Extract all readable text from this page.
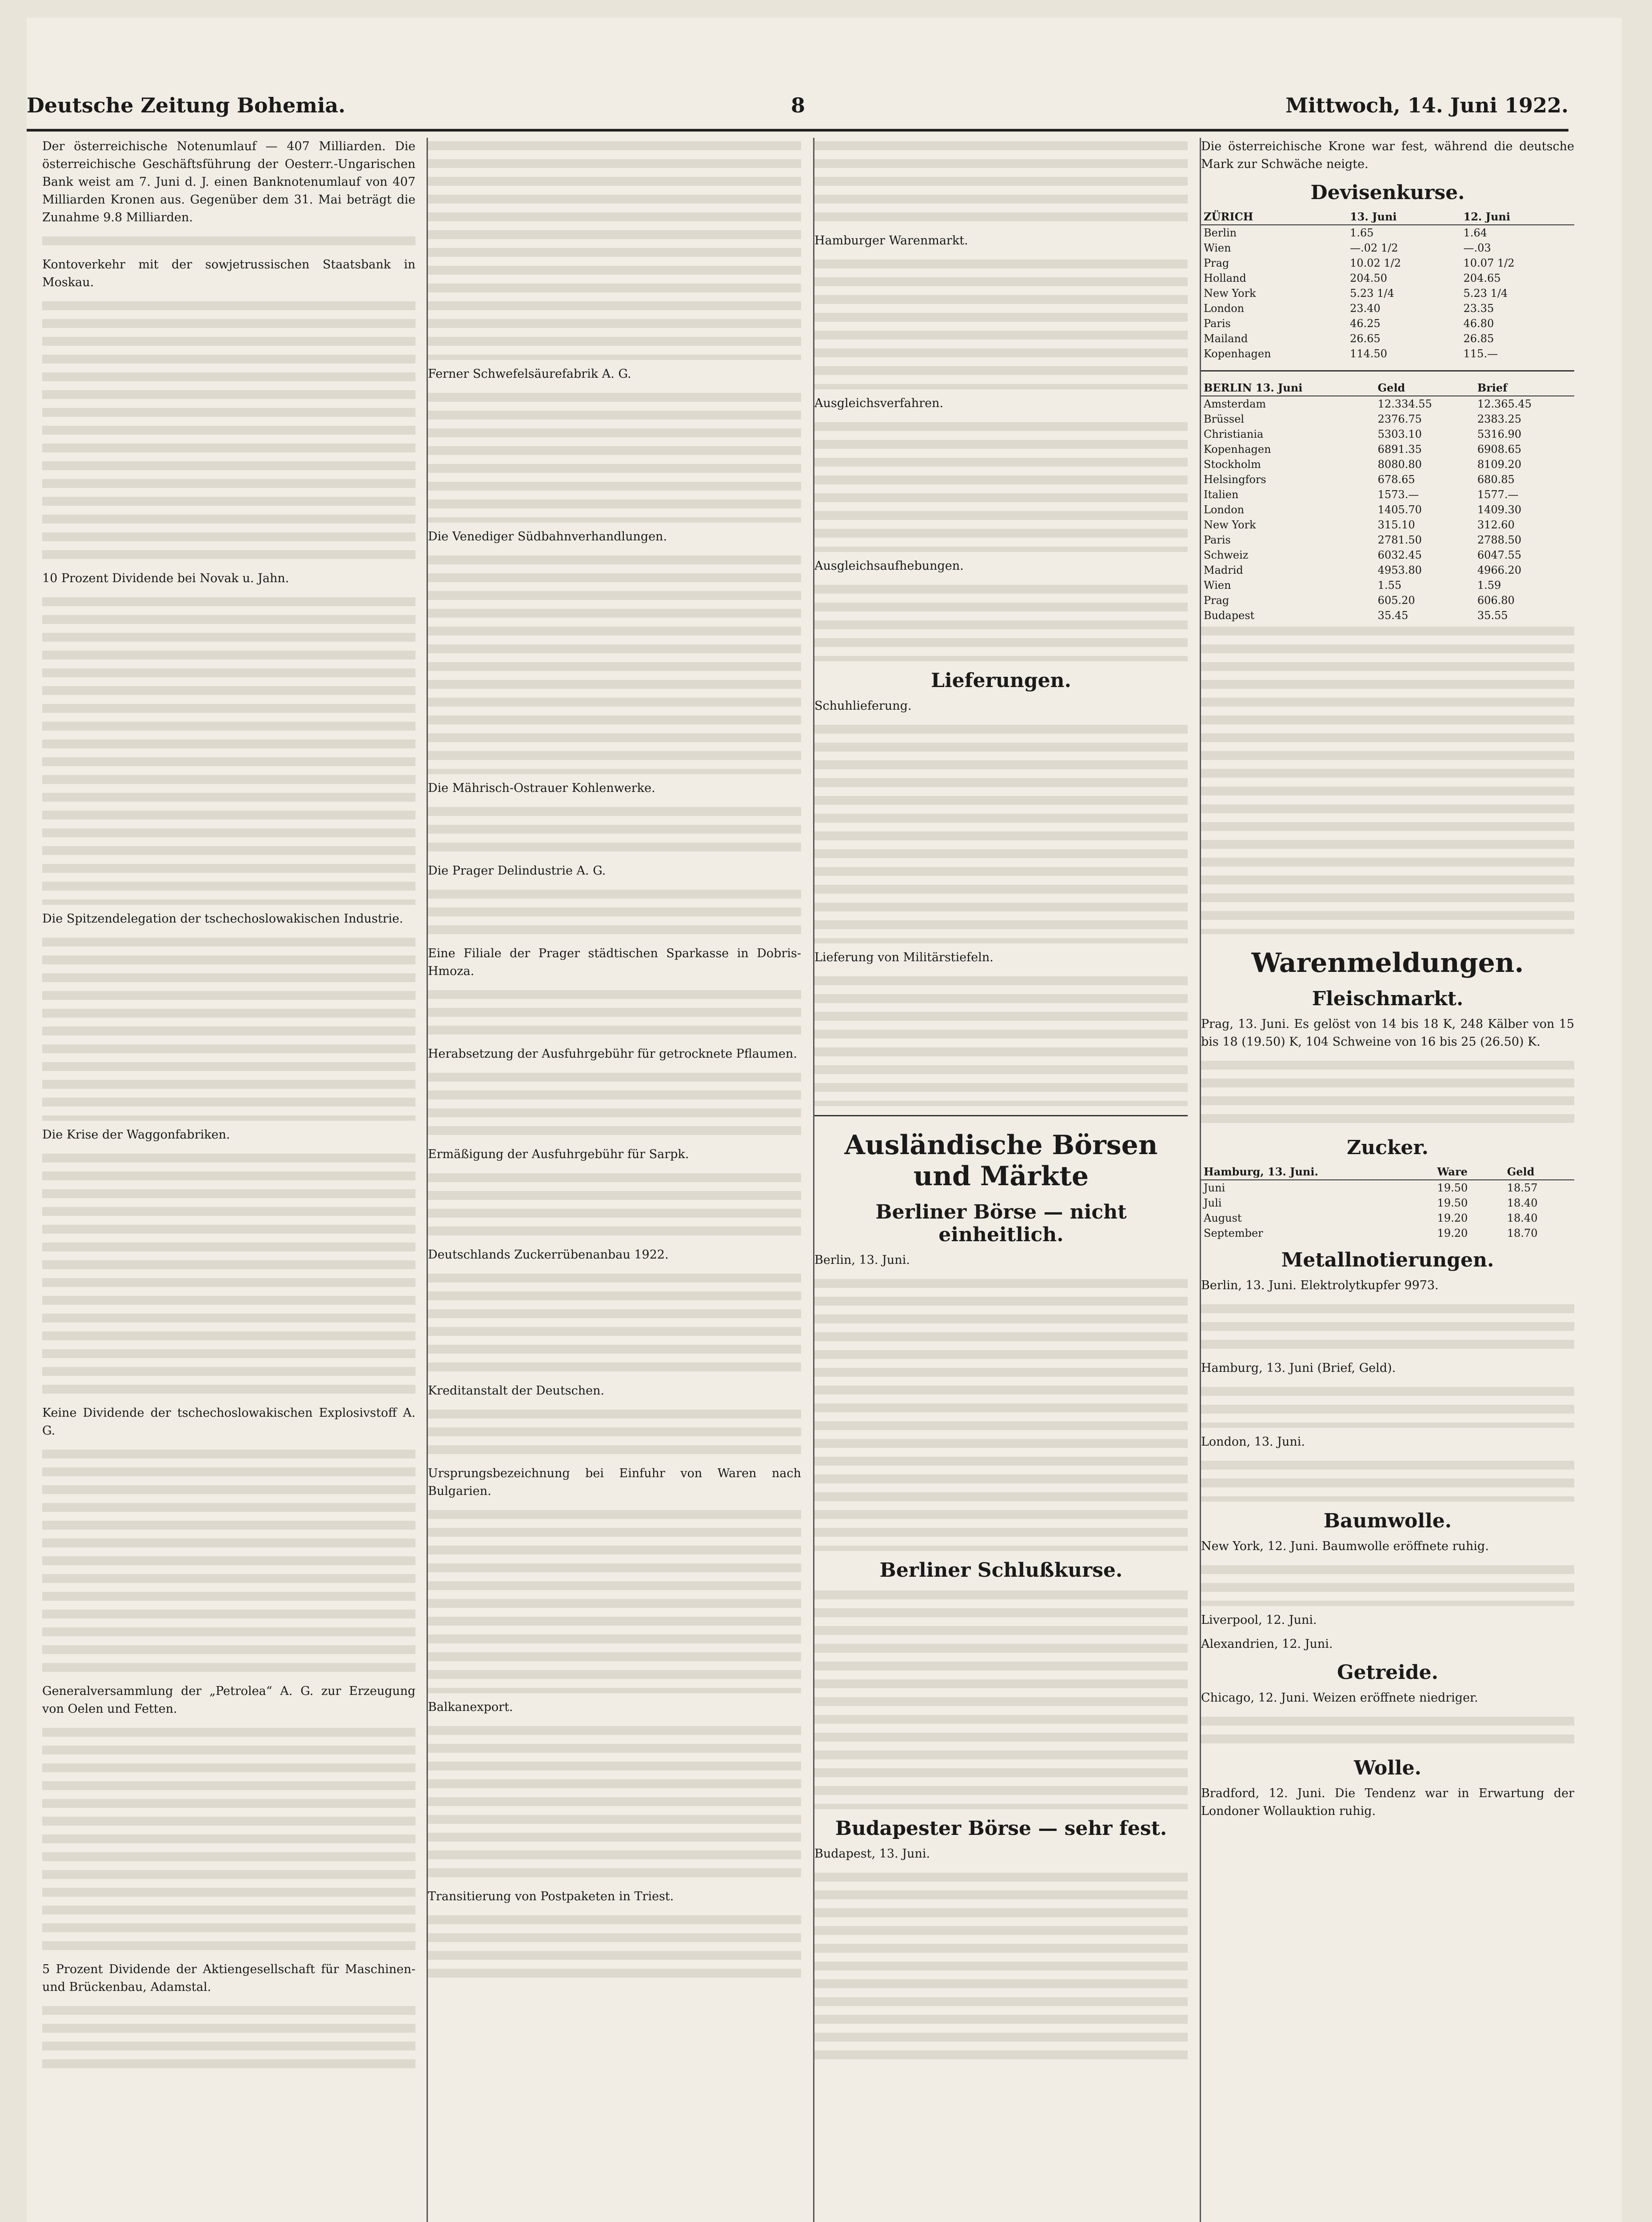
Deutsche Zeitung Bohemia.	8	Mittwoch, 14. Juni 1922.

Der österreichische Notenumlauf — 407 Milliarden. Die österreichische Geschäftsführung der Oesterr.-Ungarischen Bank weist am 7. Juni d. J. einen Banknotenumlauf von 407 Milliarden Kronen aus. Gegenüber dem 31. Mai beträgt die Zunahme 9.8 Milliarden.

Kontoverkehr mit der sowjetrussischen Staatsbank in Moskau.

10 Prozent Dividende bei Novak u. Jahn.

Die Spitzendelegation der tschechoslowakischen Industrie.

Die Krise der Waggonfabriken.

Keine Dividende der tschechoslowakischen Explosivstoff A. G.

Generalversammlung der „Petrolea“ A. G. zur Erzeugung von Oelen und Fetten.

5 Prozent Dividende der Aktiengesellschaft für Maschinen- und Brückenbau, Adamstal.

Ferner Schwefelsäurefabrik A. G.

Die Venediger Südbahnverhandlungen.

Die Mährisch-Ostrauer Kohlenwerke.

Die Prager Delindustrie A. G.

Eine Filiale der Prager städtischen Sparkasse in Dobris-Hmoza.

Herabsetzung der Ausfuhrgebühr für getrocknete Pflaumen.

Ermäßigung der Ausfuhrgebühr für Sarpk.

Deutschlands Zuckerrübenanbau 1922.

Kreditanstalt der Deutschen.

Ursprungsbezeichnung bei Einfuhr von Waren nach Bulgarien.

Balkanexport.

Transitierung von Postpaketen in Triest.

Hamburger Warenmarkt.

Ausgleichsverfahren.

Ausgleichsaufhebungen.

Lieferungen.

Schuhlieferung.

Lieferung von Militärstiefeln.

Ausländische Börsen und Märkte
Berliner Börse — nicht einheitlich.

Berlin, 13. Juni.

Berliner Schlußkurse.
Budapester Börse — sehr fest.

Budapest, 13. Juni.

Die österreichische Krone war fest, während die deutsche Mark zur Schwäche neigte.

Devisenkurse.
ZÜRICH	13. Juni	12. Juni
Berlin	1.65	1.64
Wien	—.02 1/2	—.03
Prag	10.02 1/2	10.07 1/2
Holland	204.50	204.65
New York	5.23 1/4	5.23 1/4
London	23.40	23.35
Paris	46.25	46.80
Mailand	26.65	26.85
Kopenhagen	114.50	115.—
BERLIN 13. Juni	Geld	Brief
Amsterdam	12.334.55	12.365.45
Brüssel	2376.75	2383.25
Christiania	5303.10	5316.90
Kopenhagen	6891.35	6908.65
Stockholm	8080.80	8109.20
Helsingfors	678.65	680.85
Italien	1573.—	1577.—
London	1405.70	1409.30
New York	315.10	312.60
Paris	2781.50	2788.50
Schweiz	6032.45	6047.55
Madrid	4953.80	4966.20
Wien	1.55	1.59
Prag	605.20	606.80
Budapest	35.45	35.55
Warenmeldungen.
Fleischmarkt.

Prag, 13. Juni. Es gelöst von 14 bis 18 K, 248 Kälber von 15 bis 18 (19.50) K, 104 Schweine von 16 bis 25 (26.50) K.

Zucker.
Hamburg, 13. Juni.	Ware	Geld
Juni	19.50	18.57
Juli	19.50	18.40
August	19.20	18.40
September	19.20	18.70
Metallnotierungen.

Berlin, 13. Juni. Elektrolytkupfer 9973.

Hamburg, 13. Juni (Brief, Geld).

London, 13. Juni.

Baumwolle.

New York, 12. Juni. Baumwolle eröffnete ruhig.

Liverpool, 12. Juni.

Alexandrien, 12. Juni.

Getreide.

Chicago, 12. Juni. Weizen eröffnete niedriger.

Wolle.

Bradford, 12. Juni. Die Tendenz war in Erwartung der Londoner Wollauktion ruhig.
